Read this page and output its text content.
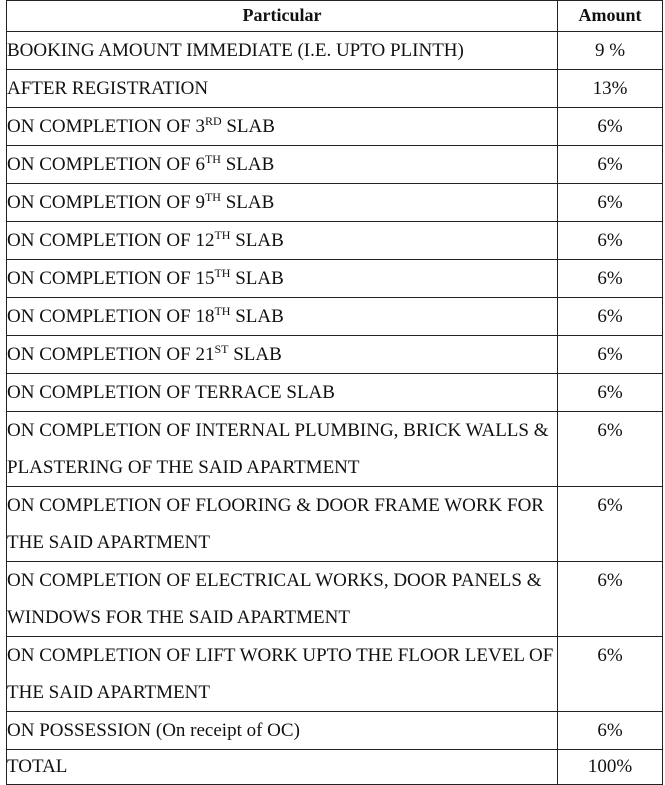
Particular	Amount
BOOKING AMOUNT IMMEDIATE (I.E. UPTO PLINTH)	9 %
AFTER REGISTRATION	13%
ON COMPLETION OF 3RD SLAB	6%
ON COMPLETION OF 6TH SLAB	6%
ON COMPLETION OF 9TH SLAB	6%
ON COMPLETION OF 12TH SLAB	6%
ON COMPLETION OF 15TH SLAB	6%
ON COMPLETION OF 18TH SLAB	6%
ON COMPLETION OF 21ST SLAB	6%
ON COMPLETION OF TERRACE SLAB	6%
ON COMPLETION OF INTERNAL PLUMBING, BRICK WALLS & PLASTERING OF THE SAID APARTMENT	6%
ON COMPLETION OF FLOORING & DOOR FRAME WORK FOR THE SAID APARTMENT	6%
ON COMPLETION OF ELECTRICAL WORKS, DOOR PANELS & WINDOWS FOR THE SAID APARTMENT	6%
ON COMPLETION OF LIFT WORK UPTO THE FLOOR LEVEL OF THE SAID APARTMENT	6%
ON POSSESSION (On receipt of OC)	6%
TOTAL	100%
